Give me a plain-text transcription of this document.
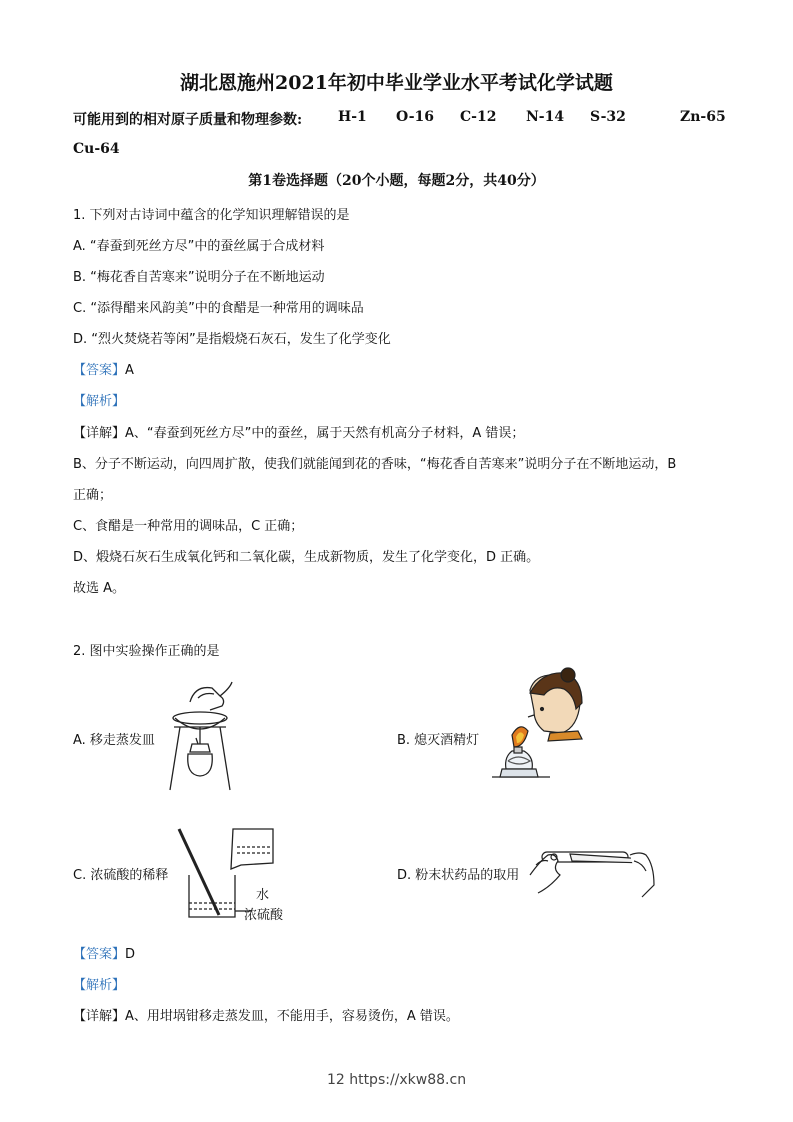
湖北恩施州2021年初中毕业学业水平考试化学试题
可能用到的相对原子质量和物理参数:	H-1 O-16 C-12 N-14 S-32	Zn-65
Cu-64
第1卷选择题（20个小题，每题2分，共40分）
1. 下列对古诗词中蕴含的化学知识理解错误的是
A. “春蚕到死丝方尽”中的蚕丝属于合成材料
B. “梅花香自苦寒来”说明分子在不断地运动
C. “添得醋来风韵美”中的食醋是一种常用的调味品
D. “烈火焚烧若等闲”是指煅烧石灰石，发生了化学变化
【答案】A
【解析】
【详解】A、“春蚕到死丝方尽”中的蚕丝，属于天然有机高分子材料，A 错误；
B、分子不断运动，向四周扩散，使我们就能闻到花的香味，“梅花香自苦寒来”说明分子在不断地运动，B
正确；
C、食醋是一种常用的调味品，C 正确；
D、煅烧石灰石生成氧化钙和二氧化碳，生成新物质，发生了化学变化，D 正确。
故选 A。
2. 图中实验操作正确的是
A. 移走蒸发皿	B. 熄灭酒精灯
C. 浓硫酸的稀释
水
浓硫酸
D. 粉末状药品的取用
【答案】D
【解析】
【详解】A、用坩埚钳移走蒸发皿，不能用手，容易烫伤，A 错误。
12 https://xkw88.cn
